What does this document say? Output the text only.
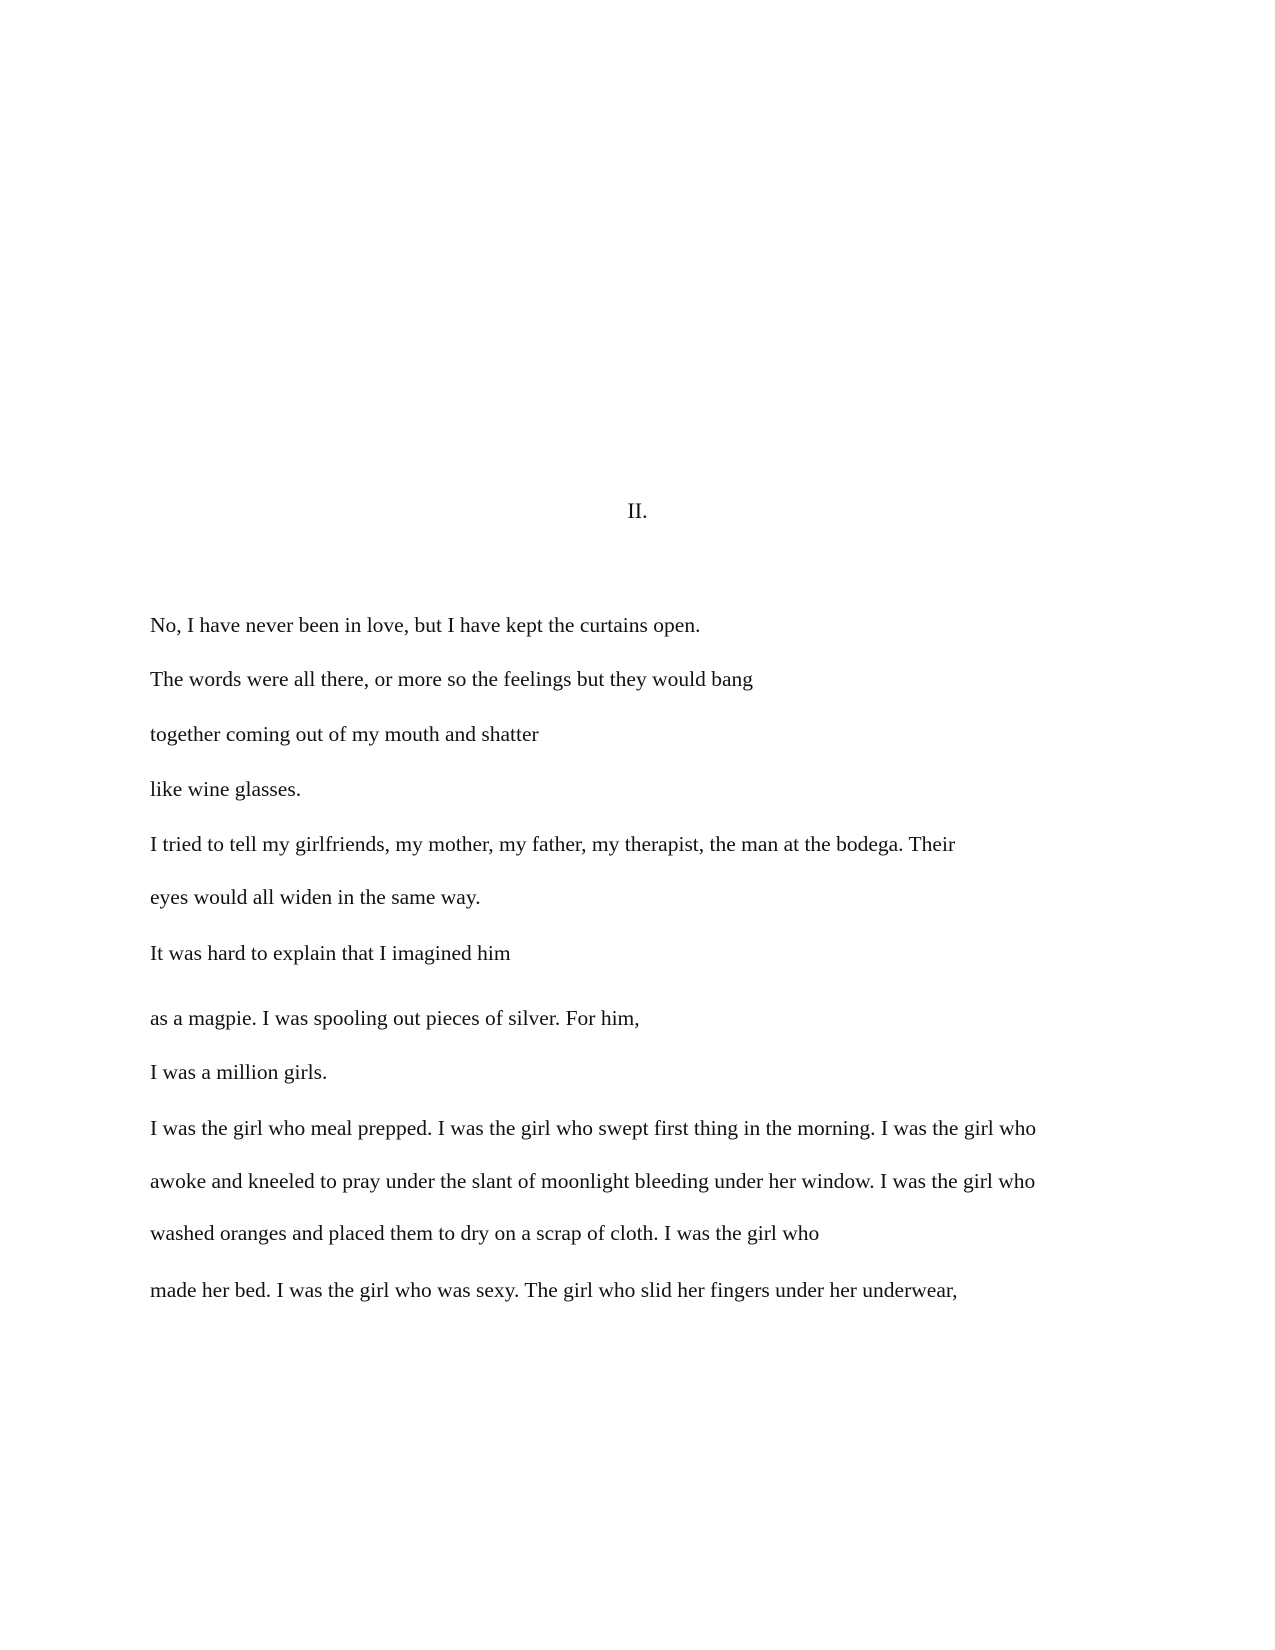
II.

No, I have never been in love, but I have kept the curtains open.

The words were all there, or more so the feelings but they would bang

together coming out of my mouth and shatter

like wine glasses.

I tried to tell my girlfriends, my mother, my father, my therapist, the man at the bodega. Their

eyes would all widen in the same way.

It was hard to explain that I imagined him

as a magpie. I was spooling out pieces of silver. For him,

I was a million girls.

I was the girl who meal prepped. I was the girl who swept first thing in the morning. I was the girl who

awoke and kneeled to pray under the slant of moonlight bleeding under her window. I was the girl who

washed oranges and placed them to dry on a scrap of cloth. I was the girl who

made her bed. I was the girl who was sexy. The girl who slid her fingers under her underwear,
